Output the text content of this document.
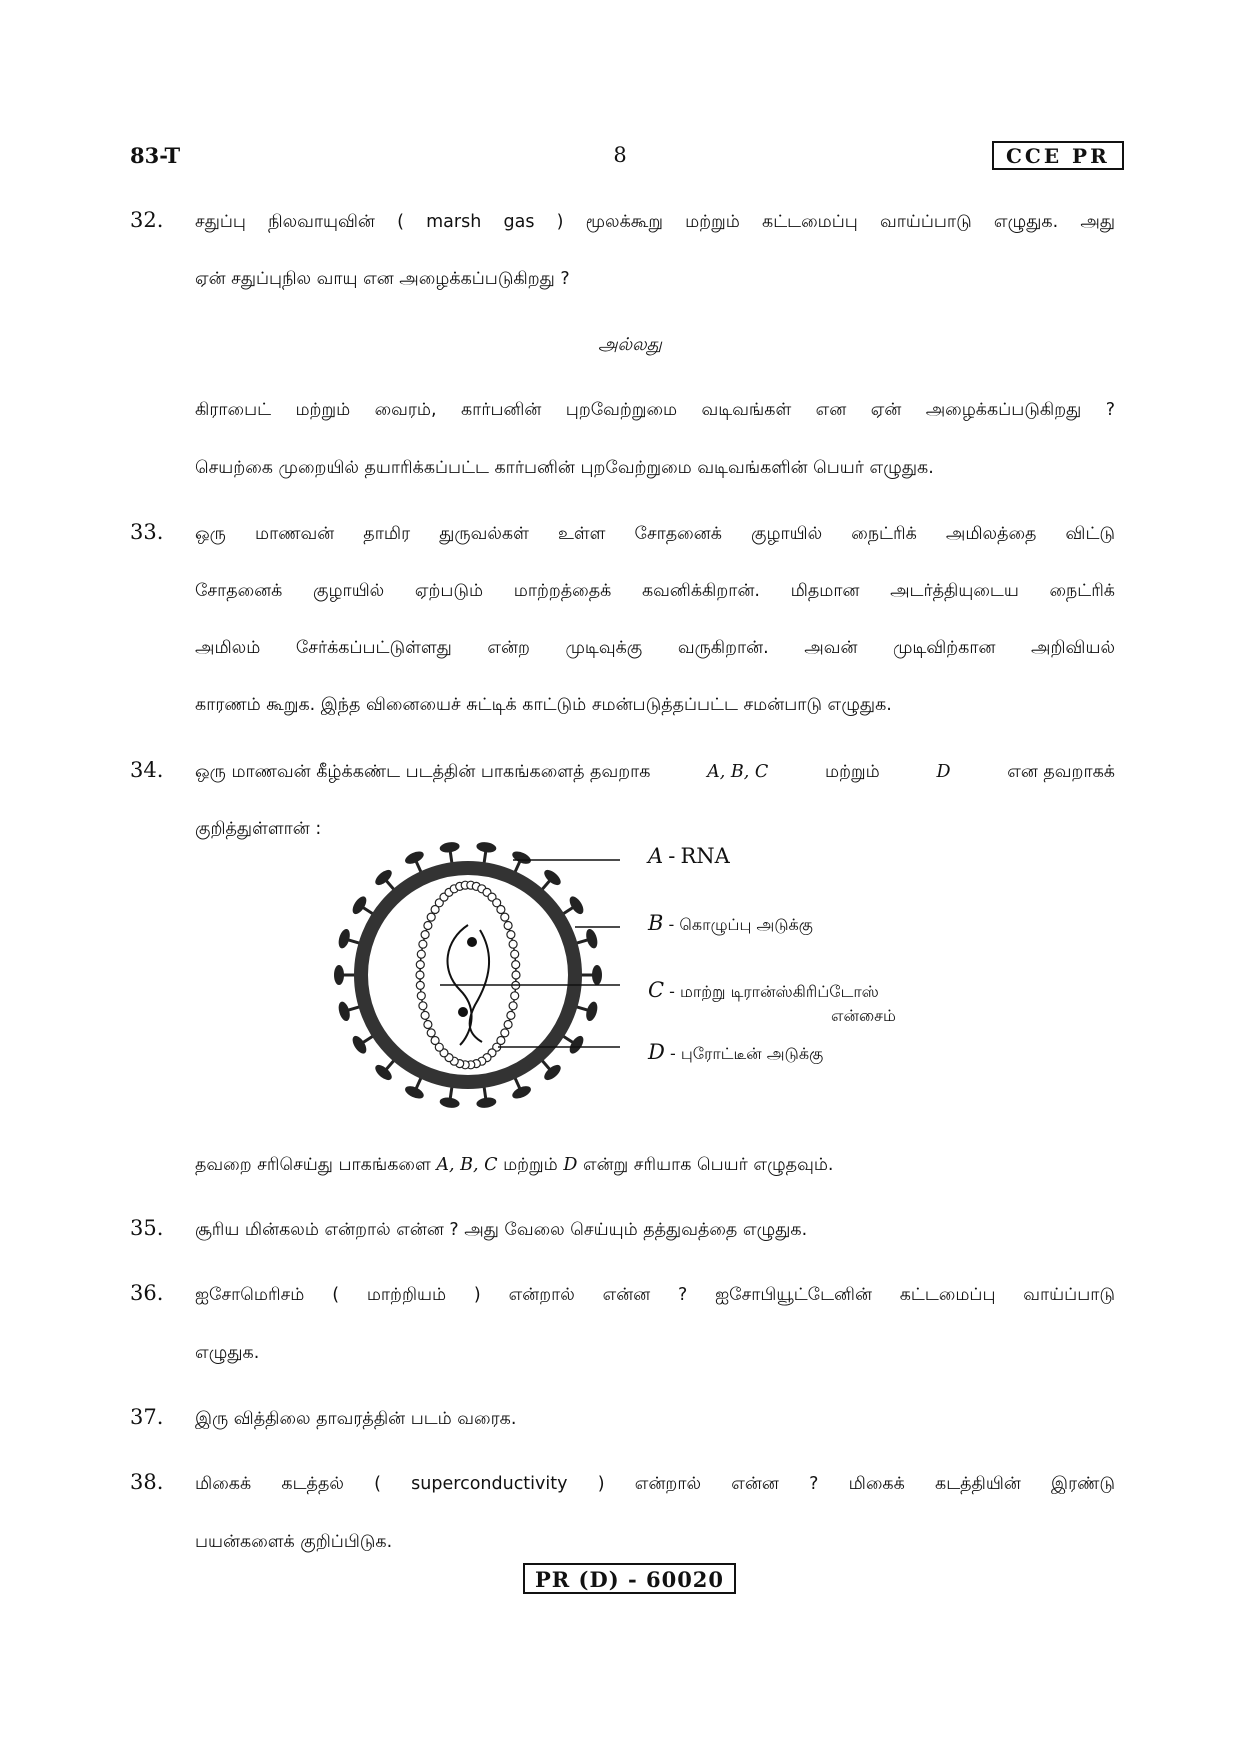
83-T	8	CCE PR
32. சதுப்பு நிலவாயுவின் ( marsh gas ) மூலக்கூறு மற்றும் கட்டமைப்பு வாய்ப்பாடு எழுதுக. அது
ஏன் சதுப்புநில வாயு என அழைக்கப்படுகிறது ?
அல்லது
கிராபைட் மற்றும் வைரம், கார்பனின் புறவேற்றுமை வடிவங்கள் என ஏன் அழைக்கப்படுகிறது ?
செயற்கை முறையில் தயாரிக்கப்பட்ட கார்பனின் புறவேற்றுமை வடிவங்களின் பெயர் எழுதுக.
33. ஒரு மாணவன் தாமிர துருவல்கள் உள்ள சோதனைக் குழாயில் நைட்ரிக் அமிலத்தை விட்டு
சோதனைக் குழாயில் ஏற்படும் மாற்றத்தைக் கவனிக்கிறான். மிதமான அடர்த்தியுடைய நைட்ரிக்
அமிலம் சேர்க்கப்பட்டுள்ளது என்ற முடிவுக்கு வருகிறான். அவன் முடிவிற்கான அறிவியல்
காரணம் கூறுக. இந்த வினையைச் சுட்டிக் காட்டும் சமன்படுத்தப்பட்ட சமன்பாடு எழுதுக.
34. ஒரு மாணவன் கீழ்க்கண்ட படத்தின் பாகங்களைத் தவறாக	A, B, C	மற்றும்	D	என தவறாகக்
குறித்துள்ளான் :
A - RNA
B - கொழுப்பு அடுக்கு
C - மாற்று டிரான்ஸ்கிரிப்டோஸ்
என்சைம்
D - புரோட்டீன் அடுக்கு
தவறை சரிசெய்து பாகங்களை A, B, C மற்றும் D என்று சரியாக பெயர் எழுதவும்.
35. சூரிய மின்கலம் என்றால் என்ன ? அது வேலை செய்யும் தத்துவத்தை எழுதுக.
36. ஐசோமெரிசம் ( மாற்றியம் ) என்றால் என்ன ? ஐசோபியூட்டேனின் கட்டமைப்பு வாய்ப்பாடு
எழுதுக.
37. இரு வித்திலை தாவரத்தின் படம் வரைக.
38. மிகைக் கடத்தல் ( superconductivity ) என்றால் என்ன ? மிகைக் கடத்தியின் இரண்டு
பயன்களைக் குறிப்பிடுக.
PR (D) - 60020
